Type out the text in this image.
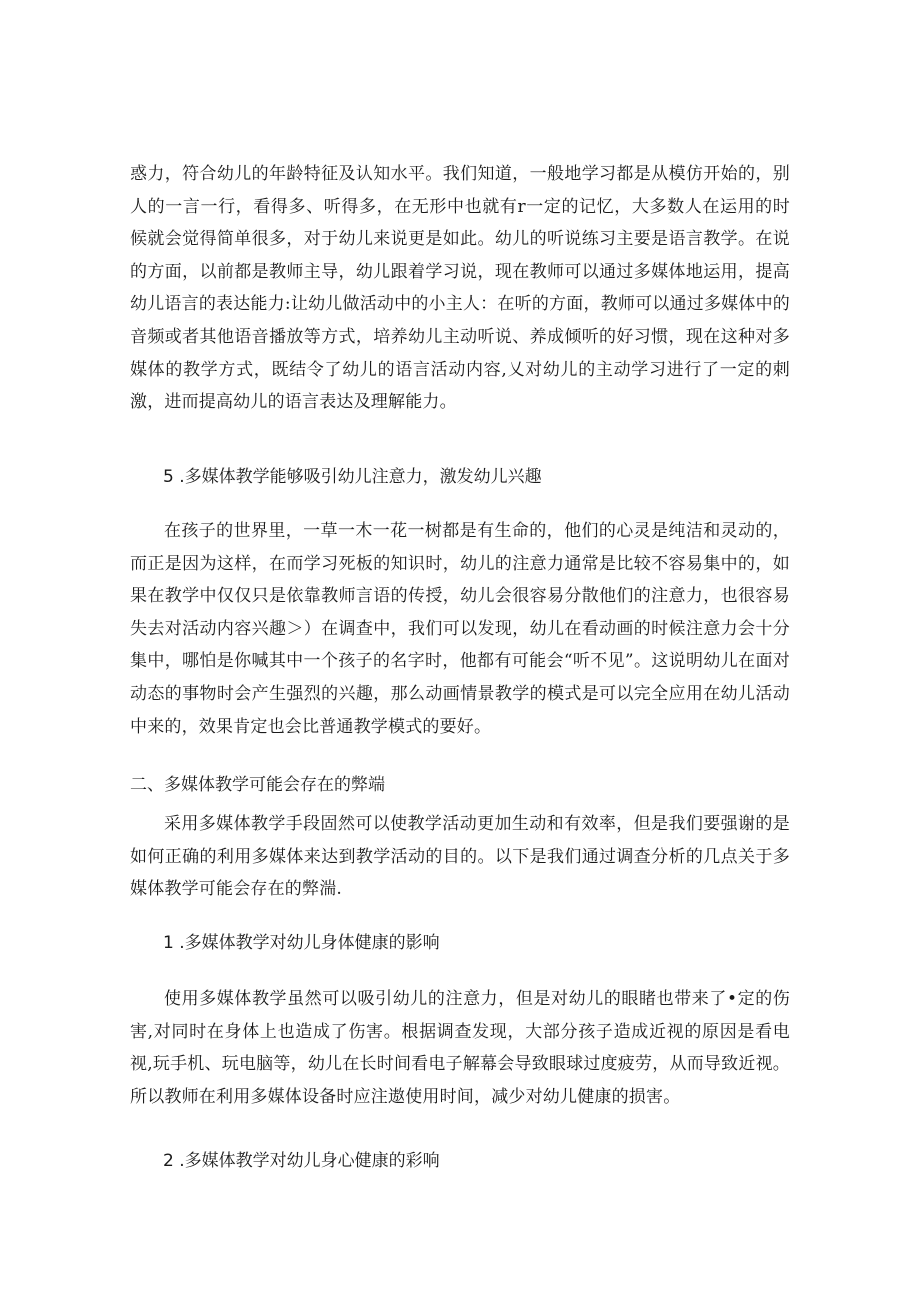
惑力，符合幼儿的年龄特征及认知水平。我们知道，一般地学习都是从模仿开始的，别人的一言一行，看得多、听得多，在无形中也就有r一定的记忆，大多数人在运用的时候就会觉得简单很多，对于幼儿来说更是如此。幼儿的听说练习主要是语言教学。在说的方面，以前都是教师主导，幼儿跟着学习说，现在教师可以通过多媒体地运用，提高幼儿语言的表达能力:让幼儿做活动中的小主人：在听的方面，教师可以通过多媒体中的音频或者其他语音播放等方式，培养幼儿主动听说、养成倾听的好习惯，现在这种对多媒体的教学方式，既结令了幼儿的语言活动内容,乂对幼儿的主动学习进行了一定的刺激，进而提高幼儿的语言表达及理解能力。

5 .多媒体教学能够吸引幼儿注意力，激发幼儿兴趣

在孩子的世界里，一草一木一花一树都是有生命的，他们的心灵是纯洁和灵动的，而正是因为这样，在而学习死板的知识时，幼儿的注意力通常是比较不容易集中的，如果在教学中仅仅只是依靠教师言语的传授，幼儿会很容易分散他们的注意力，也很容易失去对活动内容兴趣＞）在调查中，我们可以发现，幼儿在看动画的时候注意力会十分集中，哪怕是你喊其中一个孩子的名字时，他都有可能会“听不见”。这说明幼儿在面对动态的事物时会产生强烈的兴趣，那么动画情景教学的模式是可以完全应用在幼儿活动中来的，效果肯定也会比普通教学模式的要好。

二、多媒体教学可能会存在的弊端

采用多媒体教学手段固然可以使教学活动更加生动和有效率，但是我们要强谢的是如何正确的利用多媒体来达到教学活动的目的。以下是我们通过调查分析的几点关于多媒体教学可能会存在的弊湍.

1 .多媒体教学对幼儿身体健康的影响

使用多媒体教学虽然可以吸引幼儿的注意力，但是对幼儿的眼睹也带来了•定的伤害,对同时在身体上也造成了伤害。根据调查发现，大部分孩子造成近视的原因是看电视,玩手机、玩电脑等，幼儿在长时间看电子解幕会导致眼球过度疲劳，从而导致近视。所以教师在利用多媒体设备时应注遨使用时间，减少对幼儿健康的损害。

2 .多媒体教学对幼儿身心健康的彩响
